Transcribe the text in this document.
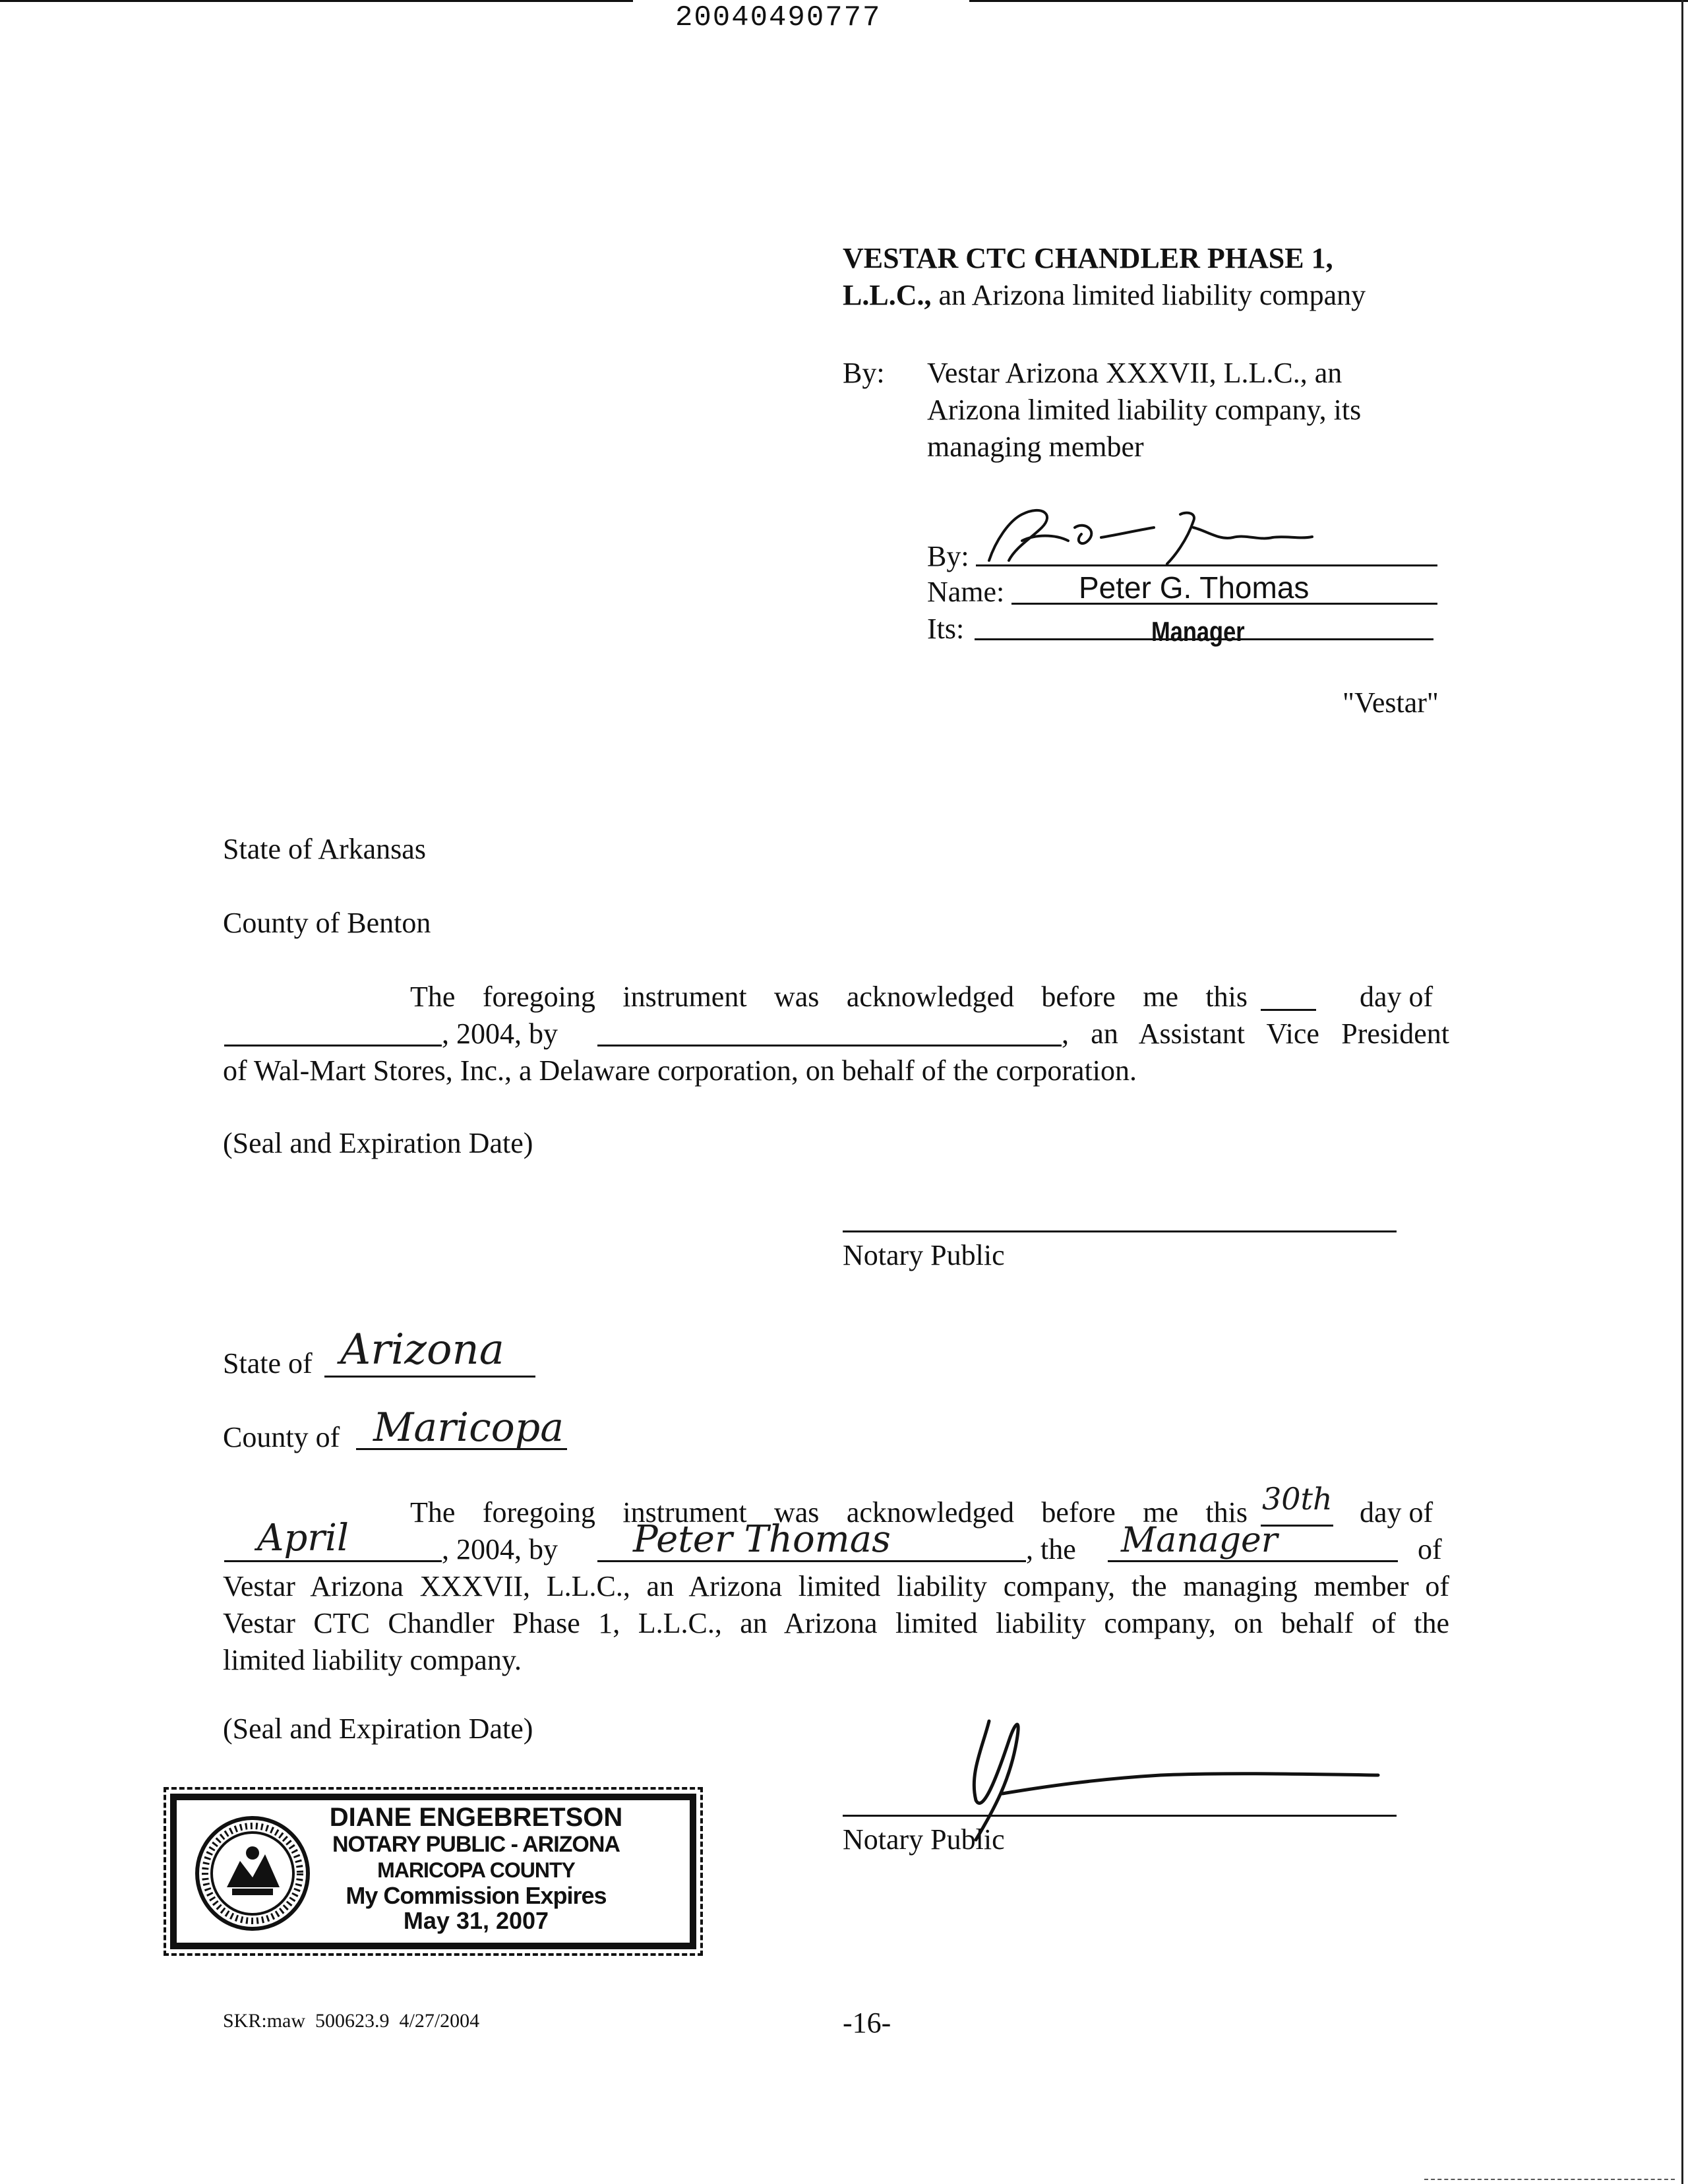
20040490777
VESTAR CTC CHANDLER PHASE 1,
L.L.C., an Arizona limited liability company
By: Vestar Arizona XXXVII, L.L.C., an
Arizona limited liability company, its
managing member
By:
Name: Peter G. Thomas
Its:	Manager
"Vestar"
State of Arkansas
County of Benton
The foregoing instrument was acknowledged before me this	day of
, 2004, by	, an Assistant Vice President
of Wal-Mart Stores, Inc., a Delaware corporation, on behalf of the corporation.
(Seal and Expiration Date)
Notary Public
State of Arizona
County of Maricopa
The foregoing instrument was acknowledged before me this 30th day of
April	, 2004, by Peter Thomas	, the Manager	of
Vestar Arizona XXXVII, L.L.C., an Arizona limited liability company, the managing member of
Vestar CTC Chandler Phase 1, L.L.C., an Arizona limited liability company, on behalf of the
limited liability company.
(Seal and Expiration Date)
Notary Public
DIANE ENGEBRETSON
NOTARY PUBLIC - ARIZONA
MARICOPA COUNTY
My Commission Expires
May 31, 2007
SKR:maw  500623.9  4/27/2004	-16-
